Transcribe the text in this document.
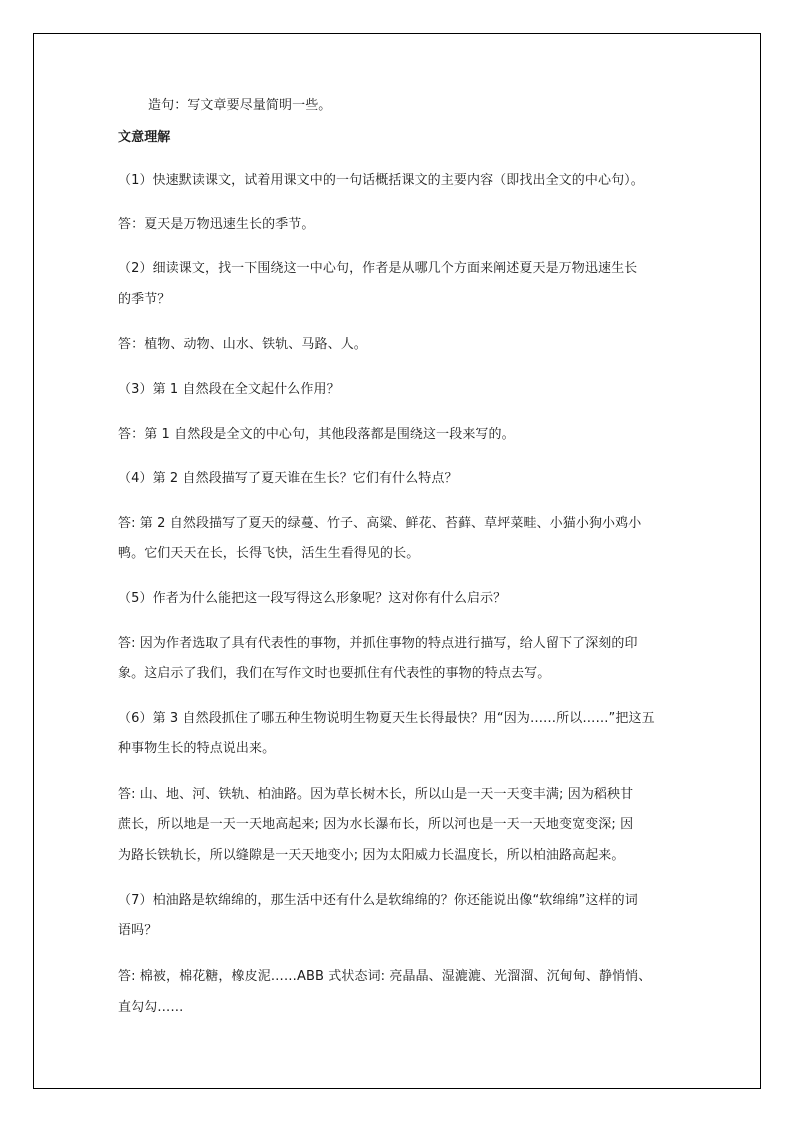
造句：写文章要尽量简明一些。
文意理解
（1）快速默读课文，试着用课文中的一句话概括课文的主要内容（即找出全文的中心句）。
答：夏天是万物迅速生长的季节。
（2）细读课文，找一下围绕这一中心句，作者是从哪几个方面来阐述夏天是万物迅速生长
的季节？
答：植物、动物、山水、铁轨、马路、人。
（3）第 1 自然段在全文起什么作用？
答：第 1 自然段是全文的中心句，其他段落都是围绕这一段来写的。
（4）第 2 自然段描写了夏天谁在生长？它们有什么特点？
答: 第 2 自然段描写了夏天的绿蔓、竹子、高粱、鲜花、苔藓、草坪菜畦、小猫小狗小鸡小
鸭。它们天天在长，长得飞快，活生生看得见的长。
（5）作者为什么能把这一段写得这么形象呢？这对你有什么启示？
答: 因为作者选取了具有代表性的事物，并抓住事物的特点进行描写，给人留下了深刻的印
象。这启示了我们，我们在写作文时也要抓住有代表性的事物的特点去写。
（6）第 3 自然段抓住了哪五种生物说明生物夏天生长得最快？用“因为……所以……”把这五
种事物生长的特点说出来。
答: 山、地、河、铁轨、柏油路。因为草长树木长，所以山是一天一天变丰满; 因为稻秧甘
蔗长，所以地是一天一天地高起来; 因为水长瀑布长，所以河也是一天一天地变宽变深; 因
为路长铁轨长，所以缝隙是一天天地变小; 因为太阳威力长温度长，所以柏油路高起来。
（7）柏油路是软绵绵的，那生活中还有什么是软绵绵的？你还能说出像“软绵绵”这样的词
语吗？
答: 棉被，棉花糖，橡皮泥……ABB 式状态词: 亮晶晶、湿漉漉、光溜溜、沉甸甸、静悄悄、
直勾勾……
